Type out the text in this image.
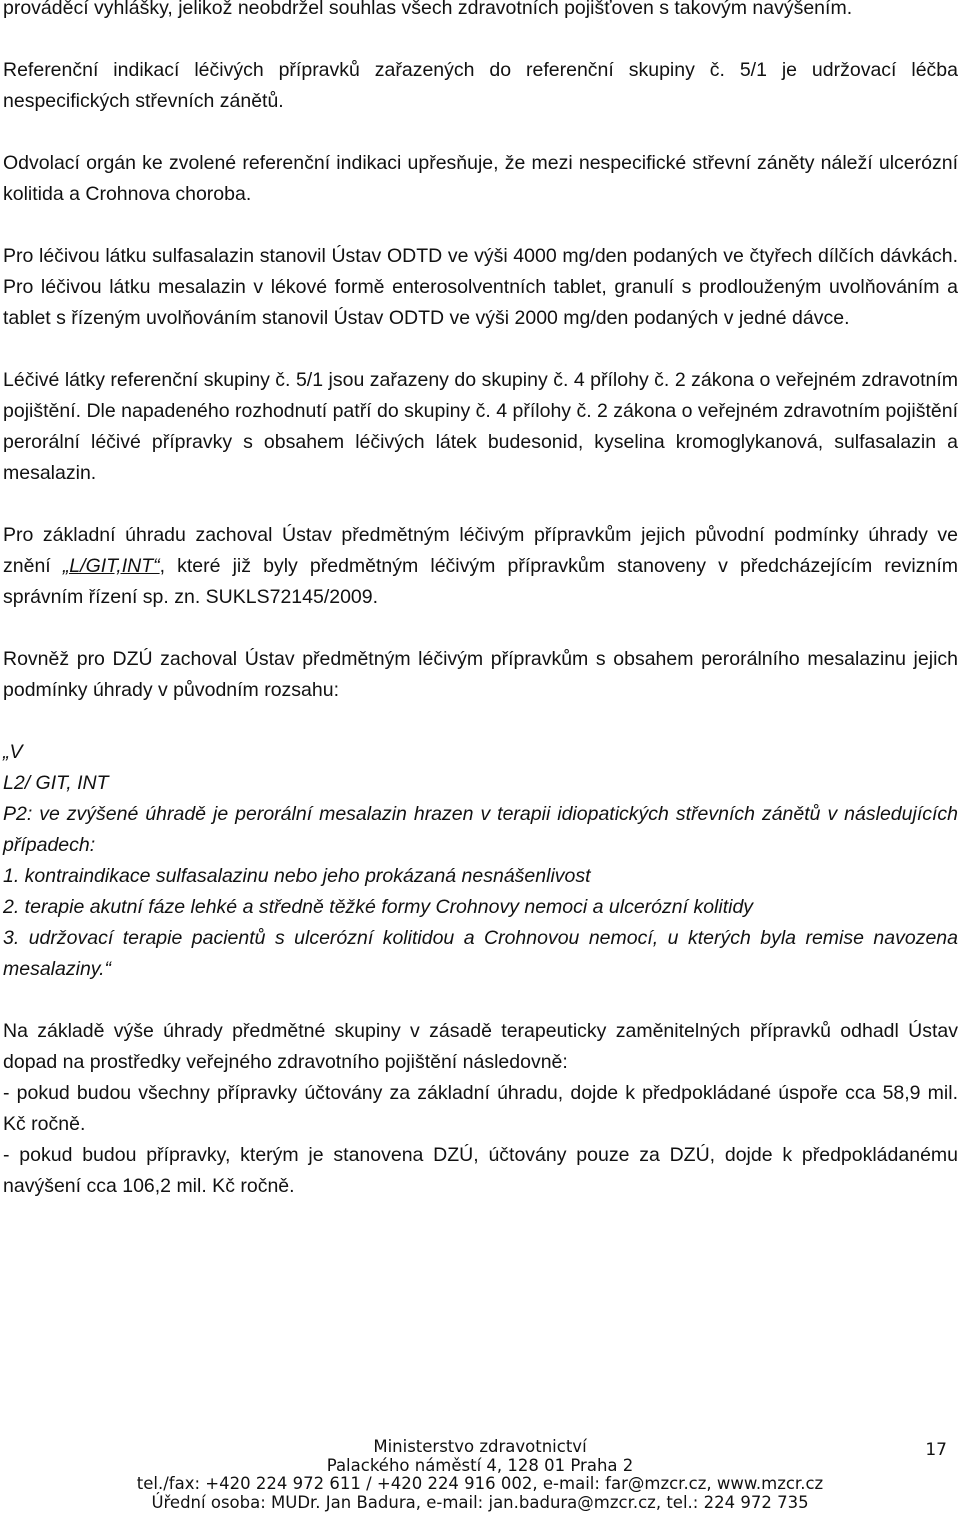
prováděcí vyhlášky, jelikož neobdržel souhlas všech zdravotních pojišťoven s takovým navýšením.

Referenční indikací léčivých přípravků zařazených do referenční skupiny č. 5/1 je udržovací léčba nespecifických střevních zánětů.

Odvolací orgán ke zvolené referenční indikaci upřesňuje, že mezi nespecifické střevní záněty náleží ulcerózní kolitida a Crohnova choroba.

Pro léčivou látku sulfasalazin stanovil Ústav ODTD ve výši 4000 mg/den podaných ve čtyřech dílčích dávkách. Pro léčivou látku mesalazin v lékové formě enterosolventních tablet, granulí s prodlouženým uvolňováním a tablet s řízeným uvolňováním stanovil Ústav ODTD ve výši 2000 mg/den podaných v jedné dávce.

Léčivé látky referenční skupiny č. 5/1 jsou zařazeny do skupiny č. 4 přílohy č. 2 zákona o veřejném zdravotním pojištění. Dle napadeného rozhodnutí patří do skupiny č. 4 přílohy č. 2 zákona o veřejném zdravotním pojištění perorální léčivé přípravky s obsahem léčivých látek budesonid, kyselina kromoglykanová, sulfasalazin a mesalazin.

Pro základní úhradu zachoval Ústav předmětným léčivým přípravkům jejich původní podmínky úhrady ve znění „L/GIT,INT“, které již byly předmětným léčivým přípravkům stanoveny v předcházejícím revizním správním řízení sp. zn. SUKLS72145/2009.

Rovněž pro DZÚ zachoval Ústav předmětným léčivým přípravkům s obsahem perorálního mesalazinu jejich podmínky úhrady v původním rozsahu:

„V

L2/ GIT, INT

P2: ve zvýšené úhradě je perorální mesalazin hrazen v terapii idiopatických střevních zánětů v následujících případech:

1. kontraindikace sulfasalazinu nebo jeho prokázaná nesnášenlivost

2. terapie akutní fáze lehké a středně těžké formy Crohnovy nemoci a ulcerózní kolitidy

3. udržovací terapie pacientů s ulcerózní kolitidou a Crohnovou nemocí, u kterých byla remise navozena mesalaziny.“

Na základě výše úhrady předmětné skupiny v zásadě terapeuticky zaměnitelných přípravků odhadl Ústav dopad na prostředky veřejného zdravotního pojištění následovně:

- pokud budou všechny přípravky účtovány za základní úhradu, dojde k předpokládané úspoře cca 58,9 mil. Kč ročně.

- pokud budou přípravky, kterým je stanovena DZÚ, účtovány pouze za DZÚ, dojde k předpokládanému navýšení cca 106,2 mil. Kč ročně.

Ministerstvo zdravotnictví
Palackého náměstí 4, 128 01 Praha 2
tel./fax: +420 224 972 611 / +420 224 916 002, e-mail: far@mzcr.cz, www.mzcr.cz
Úřední osoba: MUDr. Jan Badura, e-mail: jan.badura@mzcr.cz, tel.: 224 972 735
17
